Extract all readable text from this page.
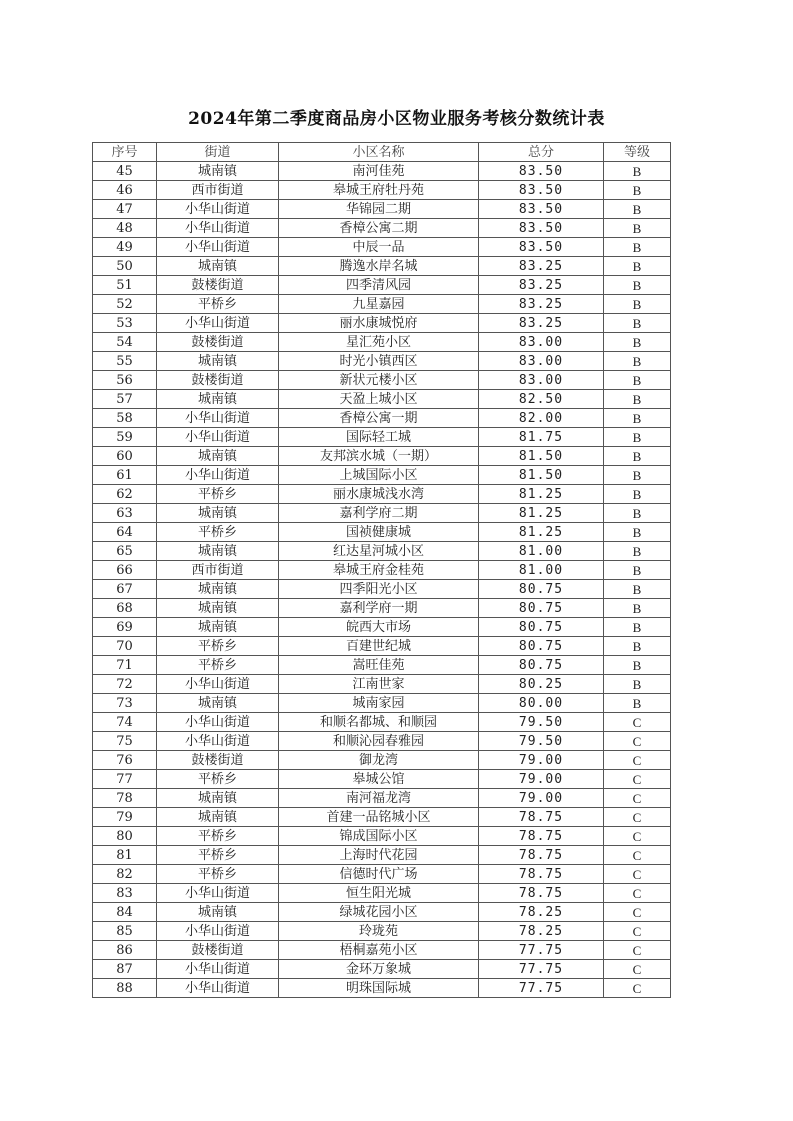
2024年第二季度商品房小区物业服务考核分数统计表
序号	街道	小区名称	总分	等级
45	城南镇	南河佳苑	83.50	B
46	西市街道	皋城王府牡丹苑	83.50	B
47	小华山街道	华锦园二期	83.50	B
48	小华山街道	香樟公寓二期	83.50	B
49	小华山街道	中辰一品	83.50	B
50	城南镇	腾逸水岸名城	83.25	B
51	鼓楼街道	四季清风园	83.25	B
52	平桥乡	九星嘉园	83.25	B
53	小华山街道	丽水康城悦府	83.25	B
54	鼓楼街道	星汇苑小区	83.00	B
55	城南镇	时光小镇西区	83.00	B
56	鼓楼街道	新状元楼小区	83.00	B
57	城南镇	天盈上城小区	82.50	B
58	小华山街道	香樟公寓一期	82.00	B
59	小华山街道	国际轻工城	81.75	B
60	城南镇	友邦滨水城（一期）	81.50	B
61	小华山街道	上城国际小区	81.50	B
62	平桥乡	丽水康城浅水湾	81.25	B
63	城南镇	嘉利学府二期	81.25	B
64	平桥乡	国祯健康城	81.25	B
65	城南镇	红达星河城小区	81.00	B
66	西市街道	皋城王府金桂苑	81.00	B
67	城南镇	四季阳光小区	80.75	B
68	城南镇	嘉利学府一期	80.75	B
69	城南镇	皖西大市场	80.75	B
70	平桥乡	百建世纪城	80.75	B
71	平桥乡	嵩旺佳苑	80.75	B
72	小华山街道	江南世家	80.25	B
73	城南镇	城南家园	80.00	B
74	小华山街道	和顺名都城、和顺园	79.50	C
75	小华山街道	和顺沁园春雅园	79.50	C
76	鼓楼街道	御龙湾	79.00	C
77	平桥乡	皋城公馆	79.00	C
78	城南镇	南河福龙湾	79.00	C
79	城南镇	首建一品铭城小区	78.75	C
80	平桥乡	锦成国际小区	78.75	C
81	平桥乡	上海时代花园	78.75	C
82	平桥乡	信德时代广场	78.75	C
83	小华山街道	恒生阳光城	78.75	C
84	城南镇	绿城花园小区	78.25	C
85	小华山街道	玲珑苑	78.25	C
86	鼓楼街道	梧桐嘉苑小区	77.75	C
87	小华山街道	金环万象城	77.75	C
88	小华山街道	明珠国际城	77.75	C
